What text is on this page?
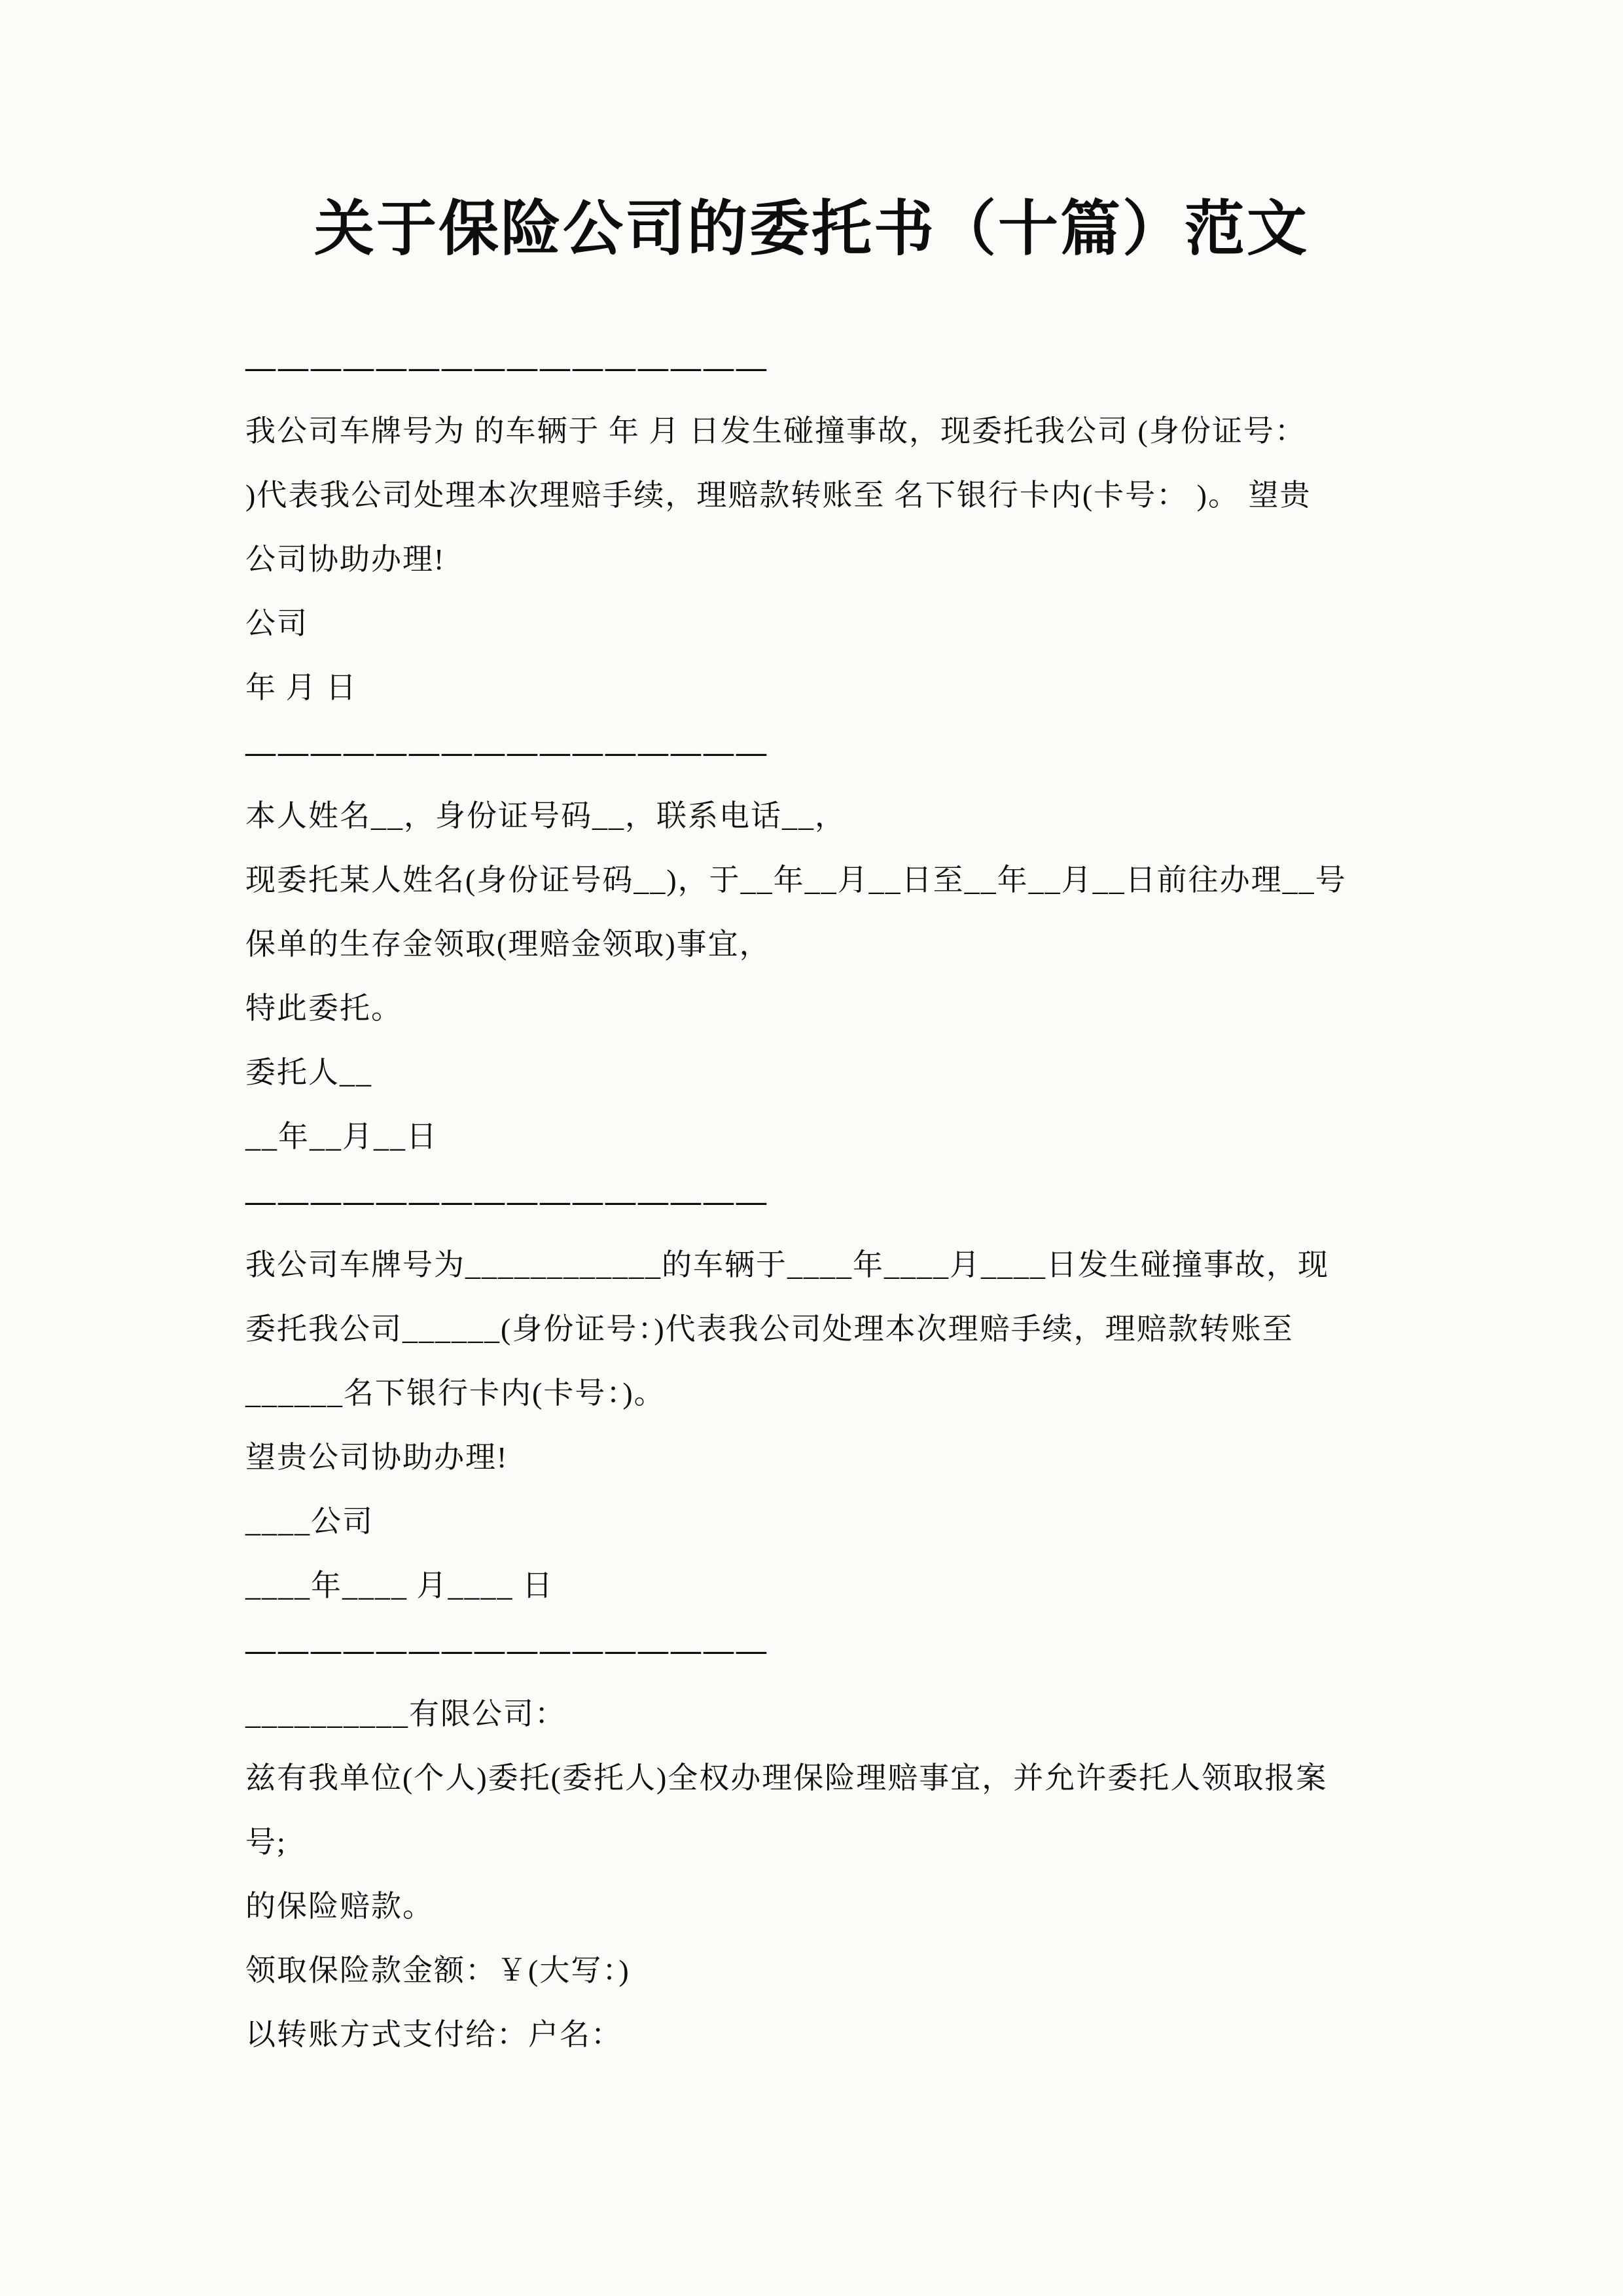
关于保险公司的委托书（十篇）范文

————————————————

我公司车牌号为 的车辆于 年 月 日发生碰撞事故，现委托我公司 (身份证号：

)代表我公司处理本次理赔手续，理赔款转账至 名下银行卡内(卡号： )。 望贵

公司协助办理!

公司

年 月 日

————————————————

本人姓名__，身份证号码__，联系电话__，

现委托某人姓名(身份证号码__)，于__年__月__日至__年__月__日前往办理__号

保单的生存金领取(理赔金领取)事宜，

特此委托。

委托人__

__年__月__日

————————————————

我公司车牌号为____________的车辆于____年____月____日发生碰撞事故，现

委托我公司______(身份证号：)代表我公司处理本次理赔手续，理赔款转账至

______名下银行卡内(卡号：)。

望贵公司协助办理!

____公司

____年____ 月____ 日

————————————————

__________有限公司：

兹有我单位(个人)委托(委托人)全权办理保险理赔事宜，并允许委托人领取报案

号;

的保险赔款。

领取保险款金额：￥(大写：)

以转账方式支付给：户名：
